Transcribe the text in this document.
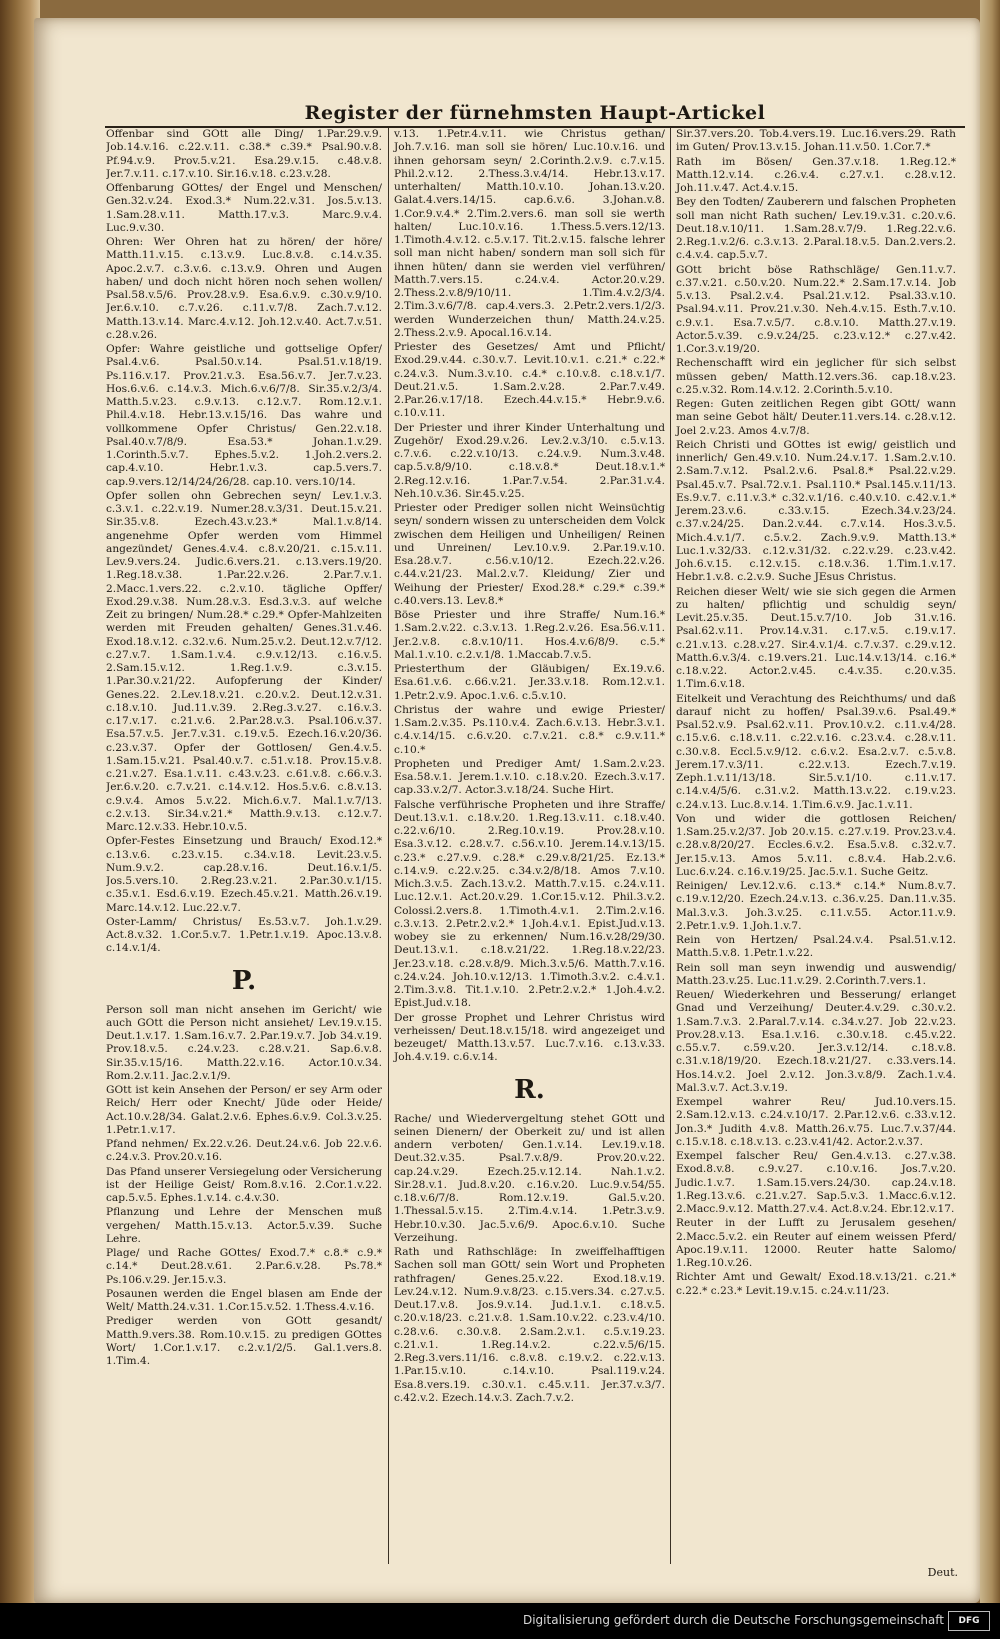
Register der fürnehmsten Haupt-Artickel

Offenbar sind GOtt alle Ding/ 1.Par.29.v.9. Job.14.v.16. c.22.v.11. c.38.* c.39.* Psal.90.v.8. Pf.94.v.9. Prov.5.v.21. Esa.29.v.15. c.48.v.8. Jer.7.v.11. c.17.v.10. Sir.16.v.18. c.23.v.28.

Offenbarung GOttes/ der Engel und Menschen/ Gen.32.v.24. Exod.3.* Num.22.v.31. Jos.5.v.13. 1.Sam.28.v.11. Matth.17.v.3. Marc.9.v.4. Luc.9.v.30.

Ohren: Wer Ohren hat zu hören/ der höre/ Matth.11.v.15. c.13.v.9. Luc.8.v.8. c.14.v.35. Apoc.2.v.7. c.3.v.6. c.13.v.9. Ohren und Augen haben/ und doch nicht hören noch sehen wollen/ Psal.58.v.5/6. Prov.28.v.9. Esa.6.v.9. c.30.v.9/10. Jer.6.v.10. c.7.v.26. c.11.v.7/8. Zach.7.v.12. Matth.13.v.14. Marc.4.v.12. Joh.12.v.40. Act.7.v.51. c.28.v.26.

Opfer: Wahre geistliche und gottselige Opfer/ Psal.4.v.6. Psal.50.v.14. Psal.51.v.18/19. Ps.116.v.17. Prov.21.v.3. Esa.56.v.7. Jer.7.v.23. Hos.6.v.6. c.14.v.3. Mich.6.v.6/7/8. Sir.35.v.2/3/4. Matth.5.v.23. c.9.v.13. c.12.v.7. Rom.12.v.1. Phil.4.v.18. Hebr.13.v.15/16. Das wahre und vollkommene Opfer Christus/ Gen.22.v.18. Psal.40.v.7/8/9. Esa.53.* Johan.1.v.29. 1.Corinth.5.v.7. Ephes.5.v.2. 1.Joh.2.vers.2. cap.4.v.10. Hebr.1.v.3. cap.5.vers.7. cap.9.vers.12/14/24/26/28. cap.10. vers.10/14.

Opfer sollen ohn Gebrechen seyn/ Lev.1.v.3. c.3.v.1. c.22.v.19. Numer.28.v.3/31. Deut.15.v.21. Sir.35.v.8. Ezech.43.v.23.* Mal.1.v.8/14. angenehme Opfer werden vom Himmel angezündet/ Genes.4.v.4. c.8.v.20/21. c.15.v.11. Lev.9.vers.24. Judic.6.vers.21. c.13.vers.19/20. 1.Reg.18.v.38. 1.Par.22.v.26. 2.Par.7.v.1. 2.Macc.1.vers.22. c.2.v.10. tägliche Opffer/ Exod.29.v.38. Num.28.v.3. Esd.3.v.3. auf welche Zeit zu bringen/ Num.28.* c.29.* Opfer-Mahlzeiten werden mit Freuden gehalten/ Genes.31.v.46. Exod.18.v.12. c.32.v.6. Num.25.v.2. Deut.12.v.7/12. c.27.v.7. 1.Sam.1.v.4. c.9.v.12/13. c.16.v.5. 2.Sam.15.v.12. 1.Reg.1.v.9. c.3.v.15. 1.Par.30.v.21/22. Aufopferung der Kinder/ Genes.22. 2.Lev.18.v.21. c.20.v.2. Deut.12.v.31. c.18.v.10. Jud.11.v.39. 2.Reg.3.v.27. c.16.v.3. c.17.v.17. c.21.v.6. 2.Par.28.v.3. Psal.106.v.37. Esa.57.v.5. Jer.7.v.31. c.19.v.5. Ezech.16.v.20/36. c.23.v.37. Opfer der Gottlosen/ Gen.4.v.5. 1.Sam.15.v.21. Psal.40.v.7. c.51.v.18. Prov.15.v.8. c.21.v.27. Esa.1.v.11. c.43.v.23. c.61.v.8. c.66.v.3. Jer.6.v.20. c.7.v.21. c.14.v.12. Hos.5.v.6. c.8.v.13. c.9.v.4. Amos 5.v.22. Mich.6.v.7. Mal.1.v.7/13. c.2.v.13. Sir.34.v.21.* Matth.9.v.13. c.12.v.7. Marc.12.v.33. Hebr.10.v.5.

Opfer-Festes Einsetzung und Brauch/ Exod.12.* c.13.v.6. c.23.v.15. c.34.v.18. Levit.23.v.5. Num.9.v.2. cap.28.v.16. Deut.16.v.1/5. Jos.5.vers.10. 2.Reg.23.v.21. 2.Par.30.v.1/15. c.35.v.1. Esd.6.v.19. Ezech.45.v.21. Matth.26.v.19. Marc.14.v.12. Luc.22.v.7.

Oster-Lamm/ Christus/ Es.53.v.7. Joh.1.v.29. Act.8.v.32. 1.Cor.5.v.7. 1.Petr.1.v.19. Apoc.13.v.8. c.14.v.1/4.

P.

Person soll man nicht ansehen im Gericht/ wie auch GOtt die Person nicht ansiehet/ Lev.19.v.15. Deut.1.v.17. 1.Sam.16.v.7. 2.Par.19.v.7. Job 34.v.19. Prov.18.v.5. c.24.v.23. c.28.v.21. Sap.6.v.8. Sir.35.v.15/16. Matth.22.v.16. Actor.10.v.34. Rom.2.v.11. Jac.2.v.1/9.

GOtt ist kein Ansehen der Person/ er sey Arm oder Reich/ Herr oder Knecht/ Jüde oder Heide/ Act.10.v.28/34. Galat.2.v.6. Ephes.6.v.9. Col.3.v.25. 1.Petr.1.v.17.

Pfand nehmen/ Ex.22.v.26. Deut.24.v.6. Job 22.v.6. c.24.v.3. Prov.20.v.16.

Das Pfand unserer Versiegelung oder Versicherung ist der Heilige Geist/ Rom.8.v.16. 2.Cor.1.v.22. cap.5.v.5. Ephes.1.v.14. c.4.v.30.

Pflanzung und Lehre der Menschen muß vergehen/ Matth.15.v.13. Actor.5.v.39. Suche Lehre.

Plage/ und Rache GOttes/ Exod.7.* c.8.* c.9.* c.14.* Deut.28.v.61. 2.Par.6.v.28. Ps.78.* Ps.106.v.29. Jer.15.v.3.

Posaunen werden die Engel blasen am Ende der Welt/ Matth.24.v.31. 1.Cor.15.v.52. 1.Thess.4.v.16.

Prediger werden von GOtt gesandt/ Matth.9.vers.38. Rom.10.v.15. zu predigen GOttes Wort/ 1.Cor.1.v.17. c.2.v.1/2/5. Gal.1.vers.8. 1.Tim.4.

v.13. 1.Petr.4.v.11. wie Christus gethan/ Joh.7.v.16. man soll sie hören/ Luc.10.v.16. und ihnen gehorsam seyn/ 2.Corinth.2.v.9. c.7.v.15. Phil.2.v.12. 2.Thess.3.v.4/14. Hebr.13.v.17. unterhalten/ Matth.10.v.10. Johan.13.v.20. Galat.4.vers.14/15. cap.6.v.6. 3.Johan.v.8. 1.Cor.9.v.4.* 2.Tim.2.vers.6. man soll sie werth halten/ Luc.10.v.16. 1.Thess.5.vers.12/13. 1.Timoth.4.v.12. c.5.v.17. Tit.2.v.15. falsche lehrer soll man nicht haben/ sondern man soll sich für ihnen hüten/ dann sie werden viel verführen/ Matth.7.vers.15. c.24.v.4. Actor.20.v.29. 2.Thess.2.v.8/9/10/11. 1.Tim.4.v.2/3/4. 2.Tim.3.v.6/7/8. cap.4.vers.3. 2.Petr.2.vers.1/2/3. werden Wunderzeichen thun/ Matth.24.v.25. 2.Thess.2.v.9. Apocal.16.v.14.

Priester des Gesetzes/ Amt und Pflicht/ Exod.29.v.44. c.30.v.7. Levit.10.v.1. c.21.* c.22.* c.24.v.3. Num.3.v.10. c.4.* c.10.v.8. c.18.v.1/7. Deut.21.v.5. 1.Sam.2.v.28. 2.Par.7.v.49. 2.Par.26.v.17/18. Ezech.44.v.15.* Hebr.9.v.6. c.10.v.11.

Der Priester und ihrer Kinder Unterhaltung und Zugehör/ Exod.29.v.26. Lev.2.v.3/10. c.5.v.13. c.7.v.6. c.22.v.10/13. c.24.v.9. Num.3.v.48. cap.5.v.8/9/10. c.18.v.8.* Deut.18.v.1.* 2.Reg.12.v.16. 1.Par.7.v.54. 2.Par.31.v.4. Neh.10.v.36. Sir.45.v.25.

Priester oder Prediger sollen nicht Weinsüchtig seyn/ sondern wissen zu unterscheiden dem Volck zwischen dem Heiligen und Unheiligen/ Reinen und Unreinen/ Lev.10.v.9. 2.Par.19.v.10. Esa.28.v.7. c.56.v.10/12. Ezech.22.v.26. c.44.v.21/23. Mal.2.v.7. Kleidung/ Zier und Weihung der Priester/ Exod.28.* c.29.* c.39.* c.40.vers.13. Lev.8.*

Böse Priester und ihre Straffe/ Num.16.* 1.Sam.2.v.22. c.3.v.13. 1.Reg.2.v.26. Esa.56.v.11. Jer.2.v.8. c.8.v.10/11. Hos.4.v.6/8/9. c.5.* Mal.1.v.10. c.2.v.1/8. 1.Maccab.7.v.5.

Priesterthum der Gläubigen/ Ex.19.v.6. Esa.61.v.6. c.66.v.21. Jer.33.v.18. Rom.12.v.1. 1.Petr.2.v.9. Apoc.1.v.6. c.5.v.10.

Christus der wahre und ewige Priester/ 1.Sam.2.v.35. Ps.110.v.4. Zach.6.v.13. Hebr.3.v.1. c.4.v.14/15. c.6.v.20. c.7.v.21. c.8.* c.9.v.11.* c.10.*

Propheten und Prediger Amt/ 1.Sam.2.v.23. Esa.58.v.1. Jerem.1.v.10. c.18.v.20. Ezech.3.v.17. cap.33.v.2/7. Actor.3.v.18/24. Suche Hirt.

Falsche verführische Propheten und ihre Straffe/ Deut.13.v.1. c.18.v.20. 1.Reg.13.v.11. c.18.v.40. c.22.v.6/10. 2.Reg.10.v.19. Prov.28.v.10. Esa.3.v.12. c.28.v.7. c.56.v.10. Jerem.14.v.13/15. c.23.* c.27.v.9. c.28.* c.29.v.8/21/25. Ez.13.* c.14.v.9. c.22.v.25. c.34.v.2/8/18. Amos 7.v.10. Mich.3.v.5. Zach.13.v.2. Matth.7.v.15. c.24.v.11. Luc.12.v.1. Act.20.v.29. 1.Cor.15.v.12. Phil.3.v.2. Colossi.2.vers.8. 1.Timoth.4.v.1. 2.Tim.2.v.16. c.3.v.13. 2.Petr.2.v.2.* 1.Joh.4.v.1. Epist.Jud.v.13. wobey sie zu erkennen/ Num.16.v.28/29/30. Deut.13.v.1. c.18.v.21/22. 1.Reg.18.v.22/23. Jer.23.v.18. c.28.v.8/9. Mich.3.v.5/6. Matth.7.v.16. c.24.v.24. Joh.10.v.12/13. 1.Timoth.3.v.2. c.4.v.1. 2.Tim.3.v.8. Tit.1.v.10. 2.Petr.2.v.2.* 1.Joh.4.v.2. Epist.Jud.v.18.

Der grosse Prophet und Lehrer Christus wird verheissen/ Deut.18.v.15/18. wird angezeiget und bezeuget/ Matth.13.v.57. Luc.7.v.16. c.13.v.33. Joh.4.v.19. c.6.v.14.

R.

Rache/ und Wiedervergeltung stehet GOtt und seinen Dienern/ der Oberkeit zu/ und ist allen andern verboten/ Gen.1.v.14. Lev.19.v.18. Deut.32.v.35. Psal.7.v.8/9. Prov.20.v.22. cap.24.v.29. Ezech.25.v.12.14. Nah.1.v.2. Sir.28.v.1. Jud.8.v.20. c.16.v.20. Luc.9.v.54/55. c.18.v.6/7/8. Rom.12.v.19. Gal.5.v.20. 1.Thessal.5.v.15. 2.Tim.4.v.14. 1.Petr.3.v.9. Hebr.10.v.30. Jac.5.v.6/9. Apoc.6.v.10. Suche Verzeihung.

Rath und Rathschläge: In zweiffelhafftigen Sachen soll man GOtt/ sein Wort und Propheten rathfragen/ Genes.25.v.22. Exod.18.v.19. Lev.24.v.12. Num.9.v.8/23. c.15.vers.34. c.27.v.5. Deut.17.v.8. Jos.9.v.14. Jud.1.v.1. c.18.v.5. c.20.v.18/23. c.21.v.8. 1.Sam.10.v.22. c.23.v.4/10. c.28.v.6. c.30.v.8. 2.Sam.2.v.1. c.5.v.19.23. c.21.v.1. 1.Reg.14.v.2. c.22.v.5/6/15. 2.Reg.3.vers.11/16. c.8.v.8. c.19.v.2. c.22.v.13. 1.Par.15.v.10. c.14.v.10. Psal.119.v.24. Esa.8.vers.19. c.30.v.1. c.45.v.11. Jer.37.v.3/7. c.42.v.2. Ezech.14.v.3. Zach.7.v.2.

Sir.37.vers.20. Tob.4.vers.19. Luc.16.vers.29. Rath im Guten/ Prov.13.v.15. Johan.11.v.50. 1.Cor.7.*

Rath im Bösen/ Gen.37.v.18. 1.Reg.12.* Matth.12.v.14. c.26.v.4. c.27.v.1. c.28.v.12. Joh.11.v.47. Act.4.v.15.

Bey den Todten/ Zauberern und falschen Propheten soll man nicht Rath suchen/ Lev.19.v.31. c.20.v.6. Deut.18.v.10/11. 1.Sam.28.v.7/9. 1.Reg.22.v.6. 2.Reg.1.v.2/6. c.3.v.13. 2.Paral.18.v.5. Dan.2.vers.2. c.4.v.4. cap.5.v.7.

GOtt bricht böse Rathschläge/ Gen.11.v.7. c.37.v.21. c.50.v.20. Num.22.* 2.Sam.17.v.14. Job 5.v.13. Psal.2.v.4. Psal.21.v.12. Psal.33.v.10. Psal.94.v.11. Prov.21.v.30. Neh.4.v.15. Esth.7.v.10. c.9.v.1. Esa.7.v.5/7. c.8.v.10. Matth.27.v.19. Actor.5.v.39. c.9.v.24/25. c.23.v.12.* c.27.v.42. 1.Cor.3.v.19/20.

Rechenschafft wird ein jeglicher für sich selbst müssen geben/ Matth.12.vers.36. cap.18.v.23. c.25.v.32. Rom.14.v.12. 2.Corinth.5.v.10.

Regen: Guten zeitlichen Regen gibt GOtt/ wann man seine Gebot hält/ Deuter.11.vers.14. c.28.v.12. Joel 2.v.23. Amos 4.v.7/8.

Reich Christi und GOttes ist ewig/ geistlich und innerlich/ Gen.49.v.10. Num.24.v.17. 1.Sam.2.v.10. 2.Sam.7.v.12. Psal.2.v.6. Psal.8.* Psal.22.v.29. Psal.45.v.7. Psal.72.v.1. Psal.110.* Psal.145.v.11/13. Es.9.v.7. c.11.v.3.* c.32.v.1/16. c.40.v.10. c.42.v.1.* Jerem.23.v.6. c.33.v.15. Ezech.34.v.23/24. c.37.v.24/25. Dan.2.v.44. c.7.v.14. Hos.3.v.5. Mich.4.v.1/7. c.5.v.2. Zach.9.v.9. Matth.13.* Luc.1.v.32/33. c.12.v.31/32. c.22.v.29. c.23.v.42. Joh.6.v.15. c.12.v.15. c.18.v.36. 1.Tim.1.v.17. Hebr.1.v.8. c.2.v.9. Suche JEsus Christus.

Reichen dieser Welt/ wie sie sich gegen die Armen zu halten/ pflichtig und schuldig seyn/ Levit.25.v.35. Deut.15.v.7/10. Job 31.v.16. Psal.62.v.11. Prov.14.v.31. c.17.v.5. c.19.v.17. c.21.v.13. c.28.v.27. Sir.4.v.1/4. c.7.v.37. c.29.v.12. Matth.6.v.3/4. c.19.vers.21. Luc.14.v.13/14. c.16.* c.18.v.22. Actor.2.v.45. c.4.v.35. c.20.v.35. 1.Tim.6.v.18.

Eitelkeit und Verachtung des Reichthums/ und daß darauf nicht zu hoffen/ Psal.39.v.6. Psal.49.* Psal.52.v.9. Psal.62.v.11. Prov.10.v.2. c.11.v.4/28. c.15.v.6. c.18.v.11. c.22.v.16. c.23.v.4. c.28.v.11. c.30.v.8. Eccl.5.v.9/12. c.6.v.2. Esa.2.v.7. c.5.v.8. Jerem.17.v.3/11. c.22.v.13. Ezech.7.v.19. Zeph.1.v.11/13/18. Sir.5.v.1/10. c.11.v.17. c.14.v.4/5/6. c.31.v.2. Matth.13.v.22. c.19.v.23. c.24.v.13. Luc.8.v.14. 1.Tim.6.v.9. Jac.1.v.11.

Von und wider die gottlosen Reichen/ 1.Sam.25.v.2/37. Job 20.v.15. c.27.v.19. Prov.23.v.4. c.28.v.8/20/27. Eccles.6.v.2. Esa.5.v.8. c.32.v.7. Jer.15.v.13. Amos 5.v.11. c.8.v.4. Hab.2.v.6. Luc.6.v.24. c.16.v.19/25. Jac.5.v.1. Suche Geitz.

Reinigen/ Lev.12.v.6. c.13.* c.14.* Num.8.v.7. c.19.v.12/20. Ezech.24.v.13. c.36.v.25. Dan.11.v.35. Mal.3.v.3. Joh.3.v.25. c.11.v.55. Actor.11.v.9. 2.Petr.1.v.9. 1.Joh.1.v.7.

Rein von Hertzen/ Psal.24.v.4. Psal.51.v.12. Matth.5.v.8. 1.Petr.1.v.22.

Rein soll man seyn inwendig und auswendig/ Matth.23.v.25. Luc.11.v.29. 2.Corinth.7.vers.1.

Reuen/ Wiederkehren und Besserung/ erlanget Gnad und Verzeihung/ Deuter.4.v.29. c.30.v.2. 1.Sam.7.v.3. 2.Paral.7.v.14. c.34.v.27. Job 22.v.23. Prov.28.v.13. Esa.1.v.16. c.30.v.18. c.45.v.22. c.55.v.7. c.59.v.20. Jer.3.v.12/14. c.18.v.8. c.31.v.18/19/20. Ezech.18.v.21/27. c.33.vers.14. Hos.14.v.2. Joel 2.v.12. Jon.3.v.8/9. Zach.1.v.4. Mal.3.v.7. Act.3.v.19.

Exempel wahrer Reu/ Jud.10.vers.15. 2.Sam.12.v.13. c.24.v.10/17. 2.Par.12.v.6. c.33.v.12. Jon.3.* Judith 4.v.8. Matth.26.v.75. Luc.7.v.37/44. c.15.v.18. c.18.v.13. c.23.v.41/42. Actor.2.v.37.

Exempel falscher Reu/ Gen.4.v.13. c.27.v.38. Exod.8.v.8. c.9.v.27. c.10.v.16. Jos.7.v.20. Judic.1.v.7. 1.Sam.15.vers.24/30. cap.24.v.18. 1.Reg.13.v.6. c.21.v.27. Sap.5.v.3. 1.Macc.6.v.12. 2.Macc.9.v.12. Matth.27.v.4. Act.8.v.24. Ebr.12.v.17.

Reuter in der Lufft zu Jerusalem gesehen/ 2.Macc.5.v.2. ein Reuter auf einem weissen Pferd/ Apoc.19.v.11. 12000. Reuter hatte Salomo/ 1.Reg.10.v.26.

Richter Amt und Gewalt/ Exod.18.v.13/21. c.21.* c.22.* c.23.* Levit.19.v.15. c.24.v.11/23.

Deut.
Digitalisierung gefördert durch die Deutsche Forschungsgemeinschaft	DFG
